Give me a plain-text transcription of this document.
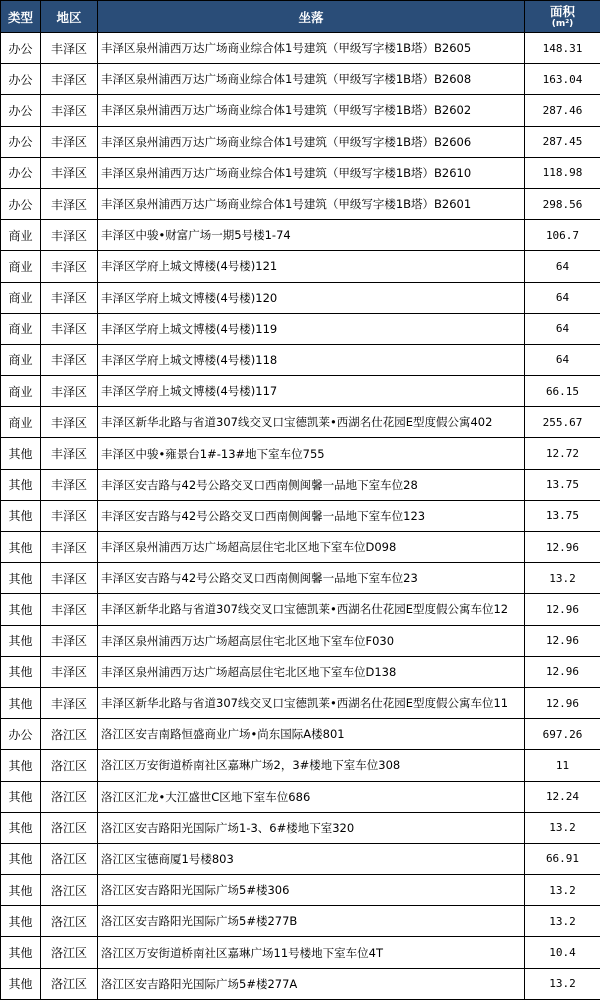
类型	地区	坐落	面积
(m²)

办公	丰泽区	丰泽区泉州浦西万达广场商业综合体1号建筑（甲级写字楼1B塔）B2605	148.31
办公	丰泽区	丰泽区泉州浦西万达广场商业综合体1号建筑（甲级写字楼1B塔）B2608	163.04
办公	丰泽区	丰泽区泉州浦西万达广场商业综合体1号建筑（甲级写字楼1B塔）B2602	287.46
办公	丰泽区	丰泽区泉州浦西万达广场商业综合体1号建筑（甲级写字楼1B塔）B2606	287.45
办公	丰泽区	丰泽区泉州浦西万达广场商业综合体1号建筑（甲级写字楼1B塔）B2610	118.98
办公	丰泽区	丰泽区泉州浦西万达广场商业综合体1号建筑（甲级写字楼1B塔）B2601	298.56
商业	丰泽区	丰泽区中骏•财富广场一期5号楼1-74	106.7
商业	丰泽区	丰泽区学府上城文博楼(4号楼)121	64
商业	丰泽区	丰泽区学府上城文博楼(4号楼)120	64
商业	丰泽区	丰泽区学府上城文博楼(4号楼)119	64
商业	丰泽区	丰泽区学府上城文博楼(4号楼)118	64
商业	丰泽区	丰泽区学府上城文博楼(4号楼)117	66.15
商业	丰泽区	丰泽区新华北路与省道307线交叉口宝德凯莱•西湖名仕花园E型度假公寓402	255.67
其他	丰泽区	丰泽区中骏•雍景台1#-13#地下室车位755	12.72
其他	丰泽区	丰泽区安吉路与42号公路交叉口西南侧闽馨一品地下室车位28	13.75
其他	丰泽区	丰泽区安吉路与42号公路交叉口西南侧闽馨一品地下室车位123	13.75
其他	丰泽区	丰泽区泉州浦西万达广场超高层住宅北区地下室车位D098	12.96
其他	丰泽区	丰泽区安吉路与42号公路交叉口西南侧闽馨一品地下室车位23	13.2
其他	丰泽区	丰泽区新华北路与省道307线交叉口宝德凯莱•西湖名仕花园E型度假公寓车位12	12.96
其他	丰泽区	丰泽区泉州浦西万达广场超高层住宅北区地下室车位F030	12.96
其他	丰泽区	丰泽区泉州浦西万达广场超高层住宅北区地下室车位D138	12.96
其他	丰泽区	丰泽区新华北路与省道307线交叉口宝德凯莱•西湖名仕花园E型度假公寓车位11	12.96
办公	洛江区	洛江区安吉南路恒盛商业广场•尚东国际A楼801	697.26
其他	洛江区	洛江区万安街道桥南社区嘉琳广场2，3#楼地下室车位308	11
其他	洛江区	洛江区汇龙•大江盛世C区地下室车位686	12.24
其他	洛江区	洛江区安吉路阳光国际广场1-3、6#楼地下室320	13.2
其他	洛江区	洛江区宝德商厦1号楼803	66.91
其他	洛江区	洛江区安吉路阳光国际广场5#楼306	13.2
其他	洛江区	洛江区安吉路阳光国际广场5#楼277B	13.2
其他	洛江区	洛江区万安街道桥南社区嘉琳广场11号楼地下室车位4T	10.4
其他	洛江区	洛江区安吉路阳光国际广场5#楼277A	13.2
